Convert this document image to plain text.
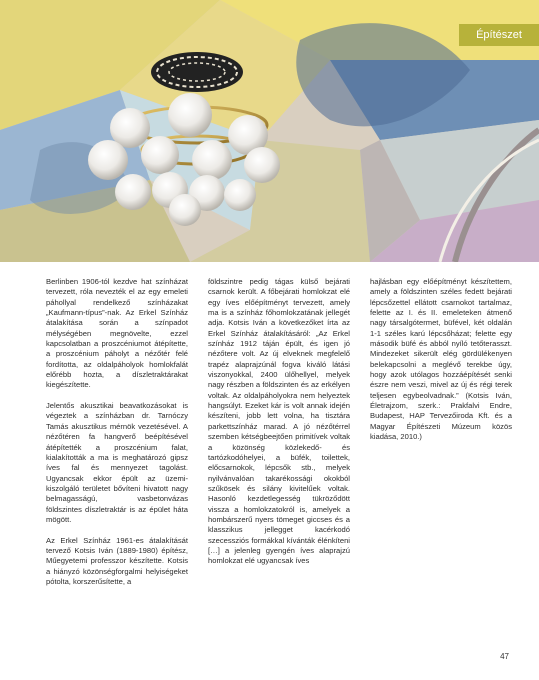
Építészet

Berlinben 1906-tól kezdve hat színházat tervezett, róla nevezték el az egy emeleti páhollyal rendelkező színházakat „Kaufmann-típus”-nak. Az Erkel Színház átalakítása során a színpadot mélységében megnövelte, ezzel kapcsolatban a proszcéniumot átépítette, a proszcénium páholyt a nézőtér felé fordította, az oldalpáholyok homlokfalát előrébb hozta, a díszletraktárakat kiegészítette.

Jelentős akusztikai beavatkozásokat is végeztek a színházban dr. Tarnóczy Tamás akusztikus mérnök vezetésével. A nézőtéren fa hangverő beépítésével átépítették a proszcénium falat, kialakították a ma is meghatározó gipsz íves fal és mennyezet tagolást. Ugyancsak ekkor épült az üzemi-kiszolgáló területet bővíteni hivatott nagy belmagasságú, vasbetonvázas földszintes díszletraktár is az épület háta mögött.

Az Erkel Színház 1961-es átalakítását tervező Kotsis Iván (1889-1980) építész, Műegyetemi professzor készítette. Kotsis a hiányzó közönségforgalmi helyiségeket pótolta, korszerűsítette, a

földszintre pedig tágas külső bejárati csarnok került. A főbejárati homlokzat elé egy íves előépítményt tervezett, amely ma is a színház főhomlokzatának jellegét adja. Kotsis Iván a következőket írta az Erkel Színház átalakításáról: „Az Erkel színház 1912 táján épült, és igen jó nézőtere volt. Az új elveknek megfelelő trapéz alaprajzúnál fogva kiváló látási viszonyokkal, 2400 ülőhellyel, melyek nagy részben a földszinten és az erkélyen voltak. Az oldalpáholyokra nem helyeztek hangsúlyt. Ezeket kár is volt annak idején készíteni, jobb lett volna, ha tisztára parkettszínház marad. A jó nézőtérrel szemben kétségbeejtően primitívek voltak a közönség közlekedő- és tartózkodóhelyei, a büfék, toilettek, előcsarnokok, lépcsők stb., melyek nyilvánvalóan takarékossági okokból szűkösek és silány kivitelűek voltak. Hasonló kezdetlegesség tükröződött vissza a homlokzatokról is, amelyek a hombárszerű nyers tömeget giccses és a klasszikus jellegget kacérkodó szecessziós formákkal kívánták élénkíteni […] a jelenleg gyengén íves alaprajzú homlokzat elé ugyancsak íves

hajlásban egy előépítményt készítettem, amely a földszinten széles fedett bejárati lépcsőzettel ellátott csarnokot tartalmaz, felette az I. és II. emeleteken átmenő nagy társalgótermet, büfével, két oldalán 1-1 széles karú lépcsőházat; felette egy második büfé és abból nyíló tetőterasszt. Mindezeket sikerült elég gördülékenyen belekapcsolni a meglévő terekbe úgy, hogy azok utólagos hozzáépítését senki észre nem veszi, mivel az új és régi terek teljesen egybeolvadnak.” (Kotsis Iván, Életrajzom, szerk.: Prakfalvi Endre, Budapest, HAP Tervezőiroda Kft. és a Magyar Építészeti Múzeum közös kiadása, 2010.)

47
